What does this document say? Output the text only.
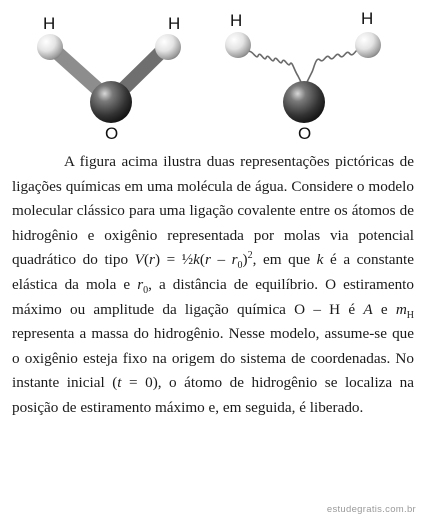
H	H
O
H	H
O

A figura acima ilustra duas representações pictóricas de ligações químicas em uma molécula de água. Considere o modelo molecular clássico para uma ligação covalente entre os átomos de hidrogênio e oxigênio representada por molas via potencial quadrático do tipo V(r) = ½k(r – $r_0)^2$, em que k é a constante elástica da mola e $r_0$, a distância de equilíbrio. O estiramento máximo ou amplitude da ligação química O – H é A e $m_H$ representa a massa do hidrogênio. Nesse modelo, assume-se que o oxigênio esteja fixo na origem do sistema de coordenadas. No instante inicial (t = 0), o átomo de hidrogênio se localiza na posição de estiramento máximo e, em seguida, é liberado.

estudegratis.com.br
